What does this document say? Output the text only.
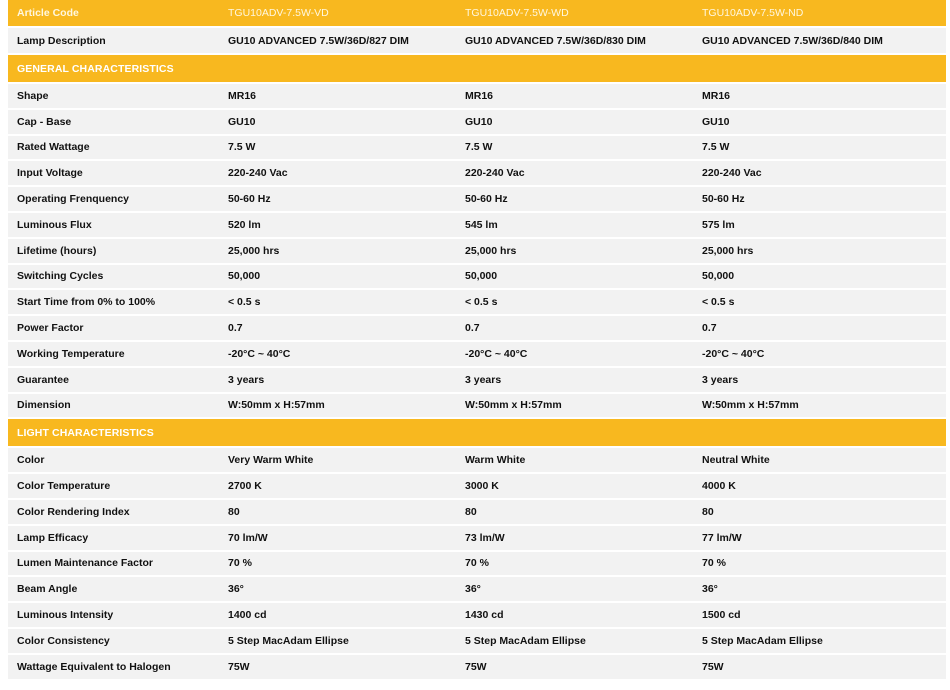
Article Code	TGU10ADV-7.5W-VD	TGU10ADV-7.5W-WD	TGU10ADV-7.5W-ND
Lamp Description	GU10 ADVANCED 7.5W/36D/827 DIM	GU10 ADVANCED 7.5W/36D/830 DIM	GU10 ADVANCED 7.5W/36D/840 DIM
GENERAL CHARACTERISTICS
Shape	MR16	MR16	MR16
Cap - Base	GU10	GU10	GU10
Rated Wattage	7.5 W	7.5 W	7.5 W
Input Voltage	220-240 Vac	220-240 Vac	220-240 Vac
Operating Frenquency	50-60 Hz	50-60 Hz	50-60 Hz
Luminous Flux	520 lm	545 lm	575 lm
Lifetime (hours)	25,000 hrs	25,000 hrs	25,000 hrs
Switching Cycles	50,000	50,000	50,000
Start Time from 0% to 100%	< 0.5 s	< 0.5 s	< 0.5 s
Power Factor	0.7	0.7	0.7
Working Temperature	-20°C ~ 40°C	-20°C ~ 40°C	-20°C ~ 40°C
Guarantee	3 years	3 years	3 years
Dimension	W:50mm x H:57mm	W:50mm x H:57mm	W:50mm x H:57mm
LIGHT CHARACTERISTICS
Color	Very Warm White	Warm White	Neutral White
Color Temperature	2700 K	3000 K	4000 K
Color Rendering Index	80	80	80
Lamp Efficacy	70 lm/W	73 lm/W	77 lm/W
Lumen Maintenance Factor	70 %	70 %	70 %
Beam Angle	36°	36°	36°
Luminous Intensity	1400 cd	1430 cd	1500 cd
Color Consistency	5 Step MacAdam Ellipse	5 Step MacAdam Ellipse	5 Step MacAdam Ellipse
Wattage Equivalent to Halogen	75W	75W	75W
